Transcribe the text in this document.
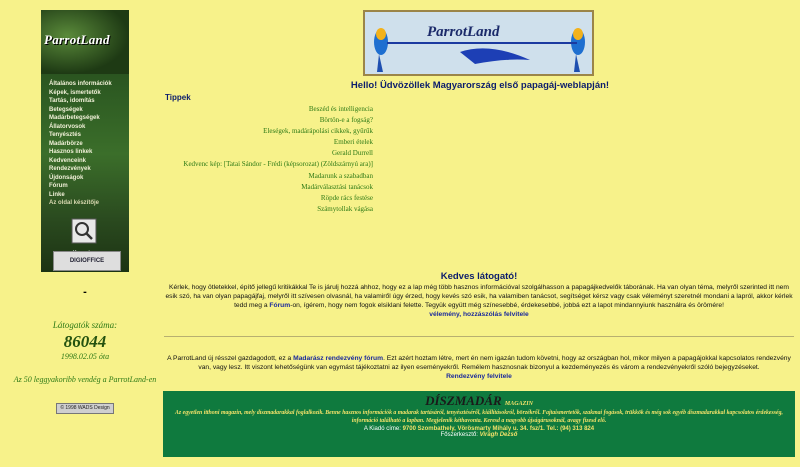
ParrotLand
Általános információk
Képek, ismertetők
Tartás, idomítás
Betegségek
Madárbetegségek
Állatorvosok
Tenyésztés
Madárbörze
Hasznos linkek
Kedvenceink
Rendezvények
Újdonságok
Fórum
Linke
Az oldal készítője
DIGIOFFICE
-
Látogatók száma:
86044
1998.02.05 óta
Az 50 leggyakoribb vendég a ParrotLand-en
© 1998 WADS Design
ParrotLand
Hello! Üdvözöllek Magyarország első papagáj-weblapján!
Tippek
Beszéd és intelligencia
Börtön-e a fogság?
Eleségek, madárápolási cikkek, gyűrűk
Emberi ételek
Gerald Durrell
Kedvenc kép: [Tatai Sándor - Frédi (képsorozat) (Zöldszárnyú ara)]
Madarunk a szabadban
Madárválasztási tanácsok
Röpde rács festése
Számytollak vágása
Kedves látogató!
Kérlek, hogy ötletekkel, építő jellegű kritikákkal Te is járulj hozzá ahhoz, hogy ez a lap még több hasznos információval szolgálhasson a papagájkedvelők táborának. Ha van olyan téma, melyről szerinted itt nem esik szó, ha van olyan papagájfaj, melyről itt szívesen olvasnál, ha valamiről úgy érzed, hogy kevés szó esik, ha valamiben tanácsot, segítséget kérsz vagy csak véleményt szeretnél mondani a lapról, akkor kérlek tedd meg a Fórum-on, ígérem, hogy nem fogok elsiklani felette. Tegyük együtt még színesebbé, érdekesebbé, jobbá ezt a lapot mindannyiunk használra és örömére!
vélemény, hozzászólás felvitele
A ParrotLand új résszel gazdagodott, ez a Madarász rendezvény fórum. Ezt azért hoztam létre, mert én nem igazán tudom követni, hogy az országban hol, mikor milyen a papagájokkal kapcsolatos rendezvény van, vagy lesz. Itt viszont lehetőségünk van egymást tájékoztatni az ilyen eseményekről. Remélem hasznosnak bizonyul a kezdeményezés és várom a rendezvényekről szóló bejegyzéseket.
Rendezvény felvitele
DÍSZMADÁR MAGAZIN
Az egyetlen itthoni magazin, mely díszmadarakkal foglalkozik. Benne hasznos információk a madarak tartásáról, tenyésztéséről, kiállításokról, börzékről. Fajtaismertetők, szakmai fogások, trükkök és még sok egyéb díszmadarakkal kapcsolatos érdekesség, információ található a lapban. Megjelenik kéthavonta. Keresd a nagyobb újságárusoknál, avagy fizesd elő.
A Kiadó címe: 9700 Szombathely, Vörösmarty Mihály u. 34. fsz/1. Tel.: (94) 313 824
Főszerkesztő: Virágh Dezső
